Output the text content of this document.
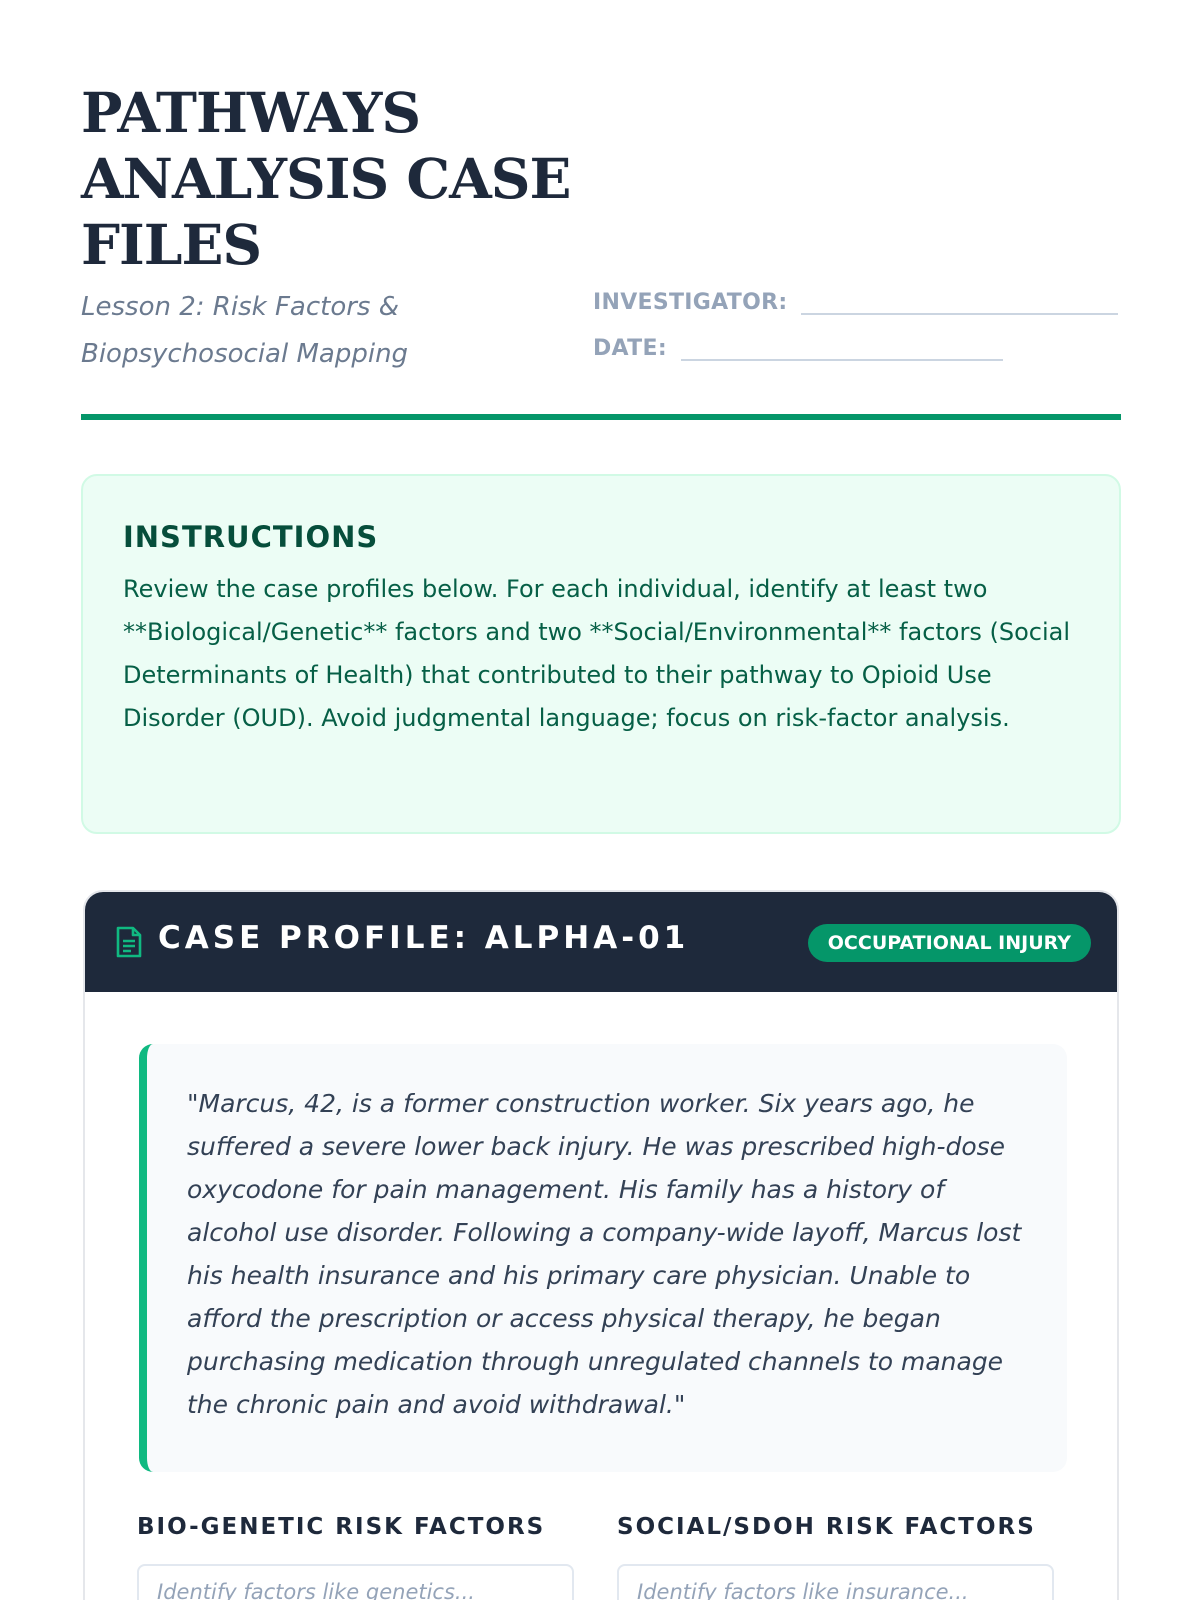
PATHWAYS ANALYSIS CASE FILES
Lesson 2: Risk Factors & Biopsychosocial Mapping
INVESTIGATOR:
DATE:
INSTRUCTIONS

Review the case profiles below. For each individual, identify at least two **Biological/Genetic** factors and two **Social/Environmental** factors (Social Determinants of Health) that contributed to their pathway to Opioid Use Disorder (OUD). Avoid judgmental language; focus on risk-factor analysis.

CASE PROFILE: ALPHA-01	OCCUPATIONAL INJURY

"Marcus, 42, is a former construction worker. Six years ago, he suffered a severe lower back injury. He was prescribed high-dose oxycodone for pain management. His family has a history of alcohol use disorder. Following a company-wide layoff, Marcus lost his health insurance and his primary care physician. Unable to afford the prescription or access physical therapy, he began purchasing medication through unregulated channels to manage the chronic pain and avoid withdrawal."

BIO-GENETIC RISK FACTORS	SOCIAL/SDOH RISK FACTORS
Identify factors like genetics...
Identify factors like insurance...
